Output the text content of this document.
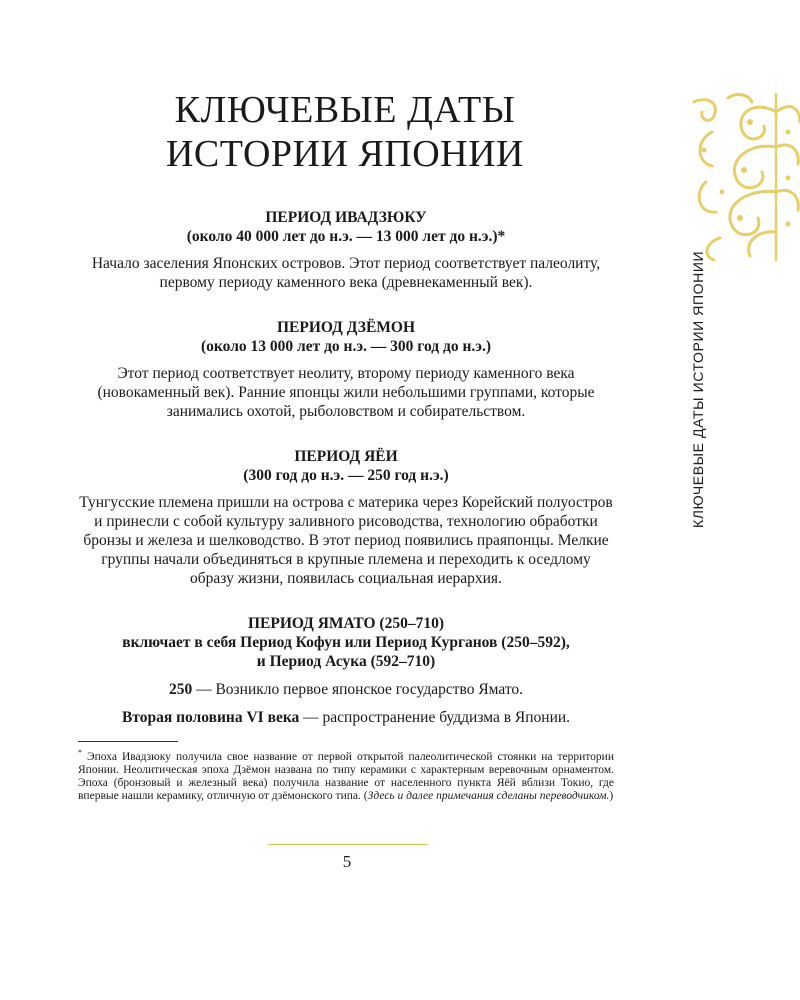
КЛЮЧЕВЫЕ ДАТЫ
ИСТОРИИ ЯПОНИИ
КЛЮЧЕВЫЕ ДАТЫ ИСТОРИИ ЯПОНИИ
ПЕРИОД ИВАДЗЮКУ
(около 40 000 лет до н.э. — 13 000 лет до н.э.)*
Начало заселения Японских островов. Этот период соответствует палеолиту, первому периоду каменного века (древнекаменный век).
ПЕРИОД ДЗЁМОН
(около 13 000 лет до н.э. — 300 год до н.э.)
Этот период соответствует неолиту, второму периоду каменного века (новокаменный век). Ранние японцы жили небольшими группами, которые занимались охотой, рыболовством и собирательством.
ПЕРИОД ЯЁИ
(300 год до н.э. — 250 год н.э.)
Тунгусские племена пришли на острова с материка через Корейский полуостров и принесли с собой культуру заливного рисоводства, технологию обработки бронзы и железа и шелководство. В этот период появились праяпонцы. Мелкие группы начали объединяться в крупные племена и переходить к оседлому образу жизни, появилась социальная иерархия.
ПЕРИОД ЯМАТО (250–710)
включает в себя Период Кофун или Период Курганов (250–592),
и Период Асука (592–710)
250 — Возникло первое японское государство Ямато.
Вторая половина VI века — распространение буддизма в Японии.
* Эпоха Ивадзюку получила свое название от первой открытой палеолитической стоянки на территории Японии. Неолитическая эпоха Дзёмон названа по типу керамики с характерным веревочным орнаментом. Эпоха (бронзовый и железный века) получила название от населенного пункта Яёй вблизи Токио, где впервые нашли керамику, отличную от дзёмонского типа. (Здесь и далее примечания сделаны переводчиком.)
5
